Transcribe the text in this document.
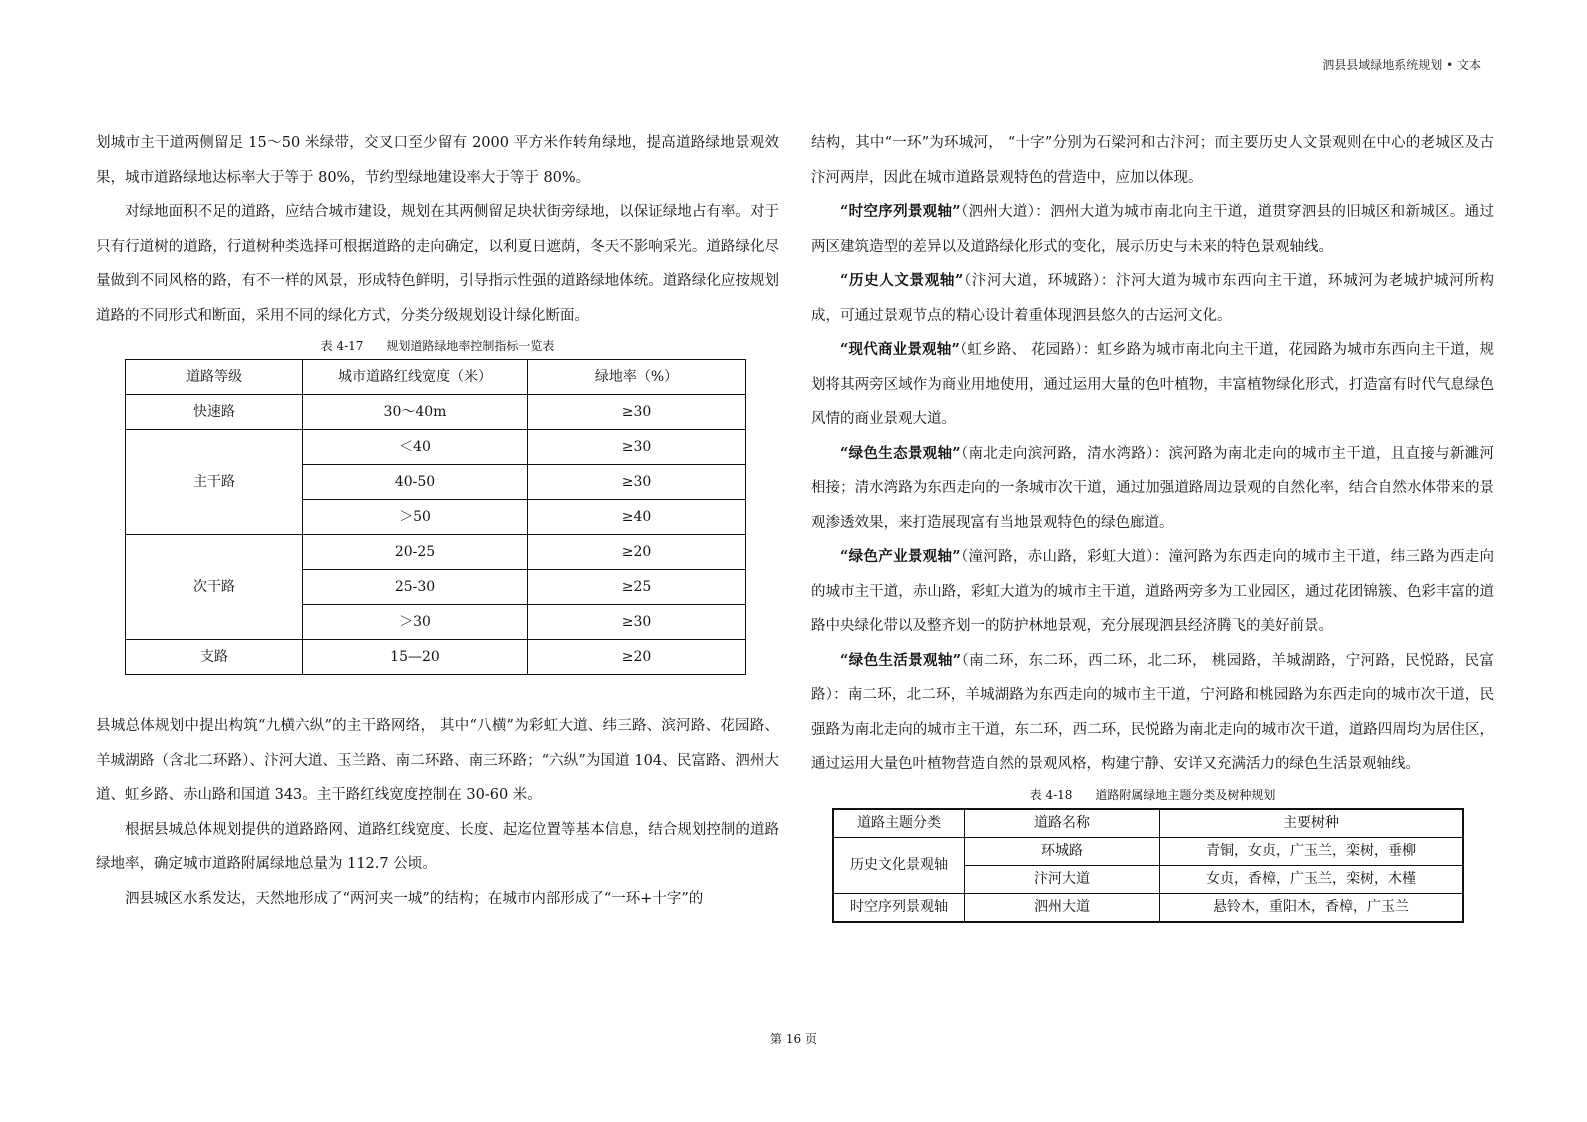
泗县县域绿地系统规划 • 文本

划城市主干道两侧留足 15～50 米绿带，交叉口至少留有 2000 平方米作转角绿地，提高道路绿地景观效果，城市道路绿地达标率大于等于 80%，节约型绿地建设率大于等于 80%。

对绿地面积不足的道路，应结合城市建设，规划在其两侧留足块状街旁绿地，以保证绿地占有率。对于只有行道树的道路，行道树种类选择可根据道路的走向确定，以利夏日遮荫，冬天不影响采光。道路绿化尽量做到不同风格的路，有不一样的风景，形成特色鲜明，引导指示性强的道路绿地体统。道路绿化应按规划道路的不同形式和断面，采用不同的绿化方式，分类分级规划设计绿化断面。

表 4-17      规划道路绿地率控制指标一览表
道路等级	城市道路红线宽度（米）	绿地率（%）
快速路	30～40m	≥30
主干路	＜40	≥30
	40-50	≥30
	＞50	≥40
次干路	20-25	≥20
	25-30	≥25
	＞30	≥30
支路	15—20	≥20

县城总体规划中提出构筑“九横六纵”的主干路网络， 其中“八横”为彩虹大道、纬三路、滨河路、花园路、羊城湖路（含北二环路）、汴河大道、玉兰路、南二环路、南三环路；“六纵”为国道 104、民富路、泗州大道、虹乡路、赤山路和国道 343。主干路红线宽度控制在 30-60 米。

根据县城总体规划提供的道路路网、道路红线宽度、长度、起迄位置等基本信息，结合规划控制的道路绿地率，确定城市道路附属绿地总量为 112.7 公顷。

泗县城区水系发达，天然地形成了“两河夹一城”的结构；在城市内部形成了“一环+十字”的

结构，其中“一环”为环城河， “十字”分别为石梁河和古汴河；而主要历史人文景观则在中心的老城区及古汴河两岸，因此在城市道路景观特色的营造中，应加以体现。

“时空序列景观轴”（泗州大道）：泗州大道为城市南北向主干道，道贯穿泗县的旧城区和新城区。通过两区建筑造型的差异以及道路绿化形式的变化，展示历史与未来的特色景观轴线。

“历史人文景观轴”（汴河大道，环城路）：汴河大道为城市东西向主干道，环城河为老城护城河所构成，可通过景观节点的精心设计着重体现泗县悠久的古运河文化。

“现代商业景观轴”（虹乡路、 花园路）：虹乡路为城市南北向主干道，花园路为城市东西向主干道，规划将其两旁区域作为商业用地使用，通过运用大量的色叶植物，丰富植物绿化形式，打造富有时代气息绿色风情的商业景观大道。

“绿色生态景观轴”（南北走向滨河路，清水湾路）：滨河路为南北走向的城市主干道，且直接与新濉河相接；清水湾路为东西走向的一条城市次干道，通过加强道路周边景观的自然化率，结合自然水体带来的景观渗透效果，来打造展现富有当地景观特色的绿色廊道。

“绿色产业景观轴”（潼河路，赤山路，彩虹大道）：潼河路为东西走向的城市主干道，纬三路为西走向的城市主干道，赤山路，彩虹大道为的城市主干道，道路两旁多为工业园区，通过花团锦簇、色彩丰富的道路中央绿化带以及整齐划一的防护林地景观，充分展现泗县经济腾飞的美好前景。

“绿色生活景观轴”（南二环，东二环，西二环，北二环， 桃园路，羊城湖路，宁河路，民悦路，民富路）：南二环，北二环，羊城湖路为东西走向的城市主干道，宁河路和桃园路为东西走向的城市次干道，民强路为南北走向的城市主干道，东二环，西二环，民悦路为南北走向的城市次干道，道路四周均为居住区，通过运用大量色叶植物营造自然的景观风格，构建宁静、安详又充满活力的绿色生活景观轴线。

表 4-18      道路附属绿地主题分类及树种规划
道路主题分类	道路名称	主要树种
历史文化景观轴	环城路	青铜，女贞，广玉兰，栾树，垂柳
	汴河大道	女贞，香樟，广玉兰，栾树，木槿
时空序列景观轴	泗州大道	悬铃木，重阳木，香樟，广玉兰
第 16 页
